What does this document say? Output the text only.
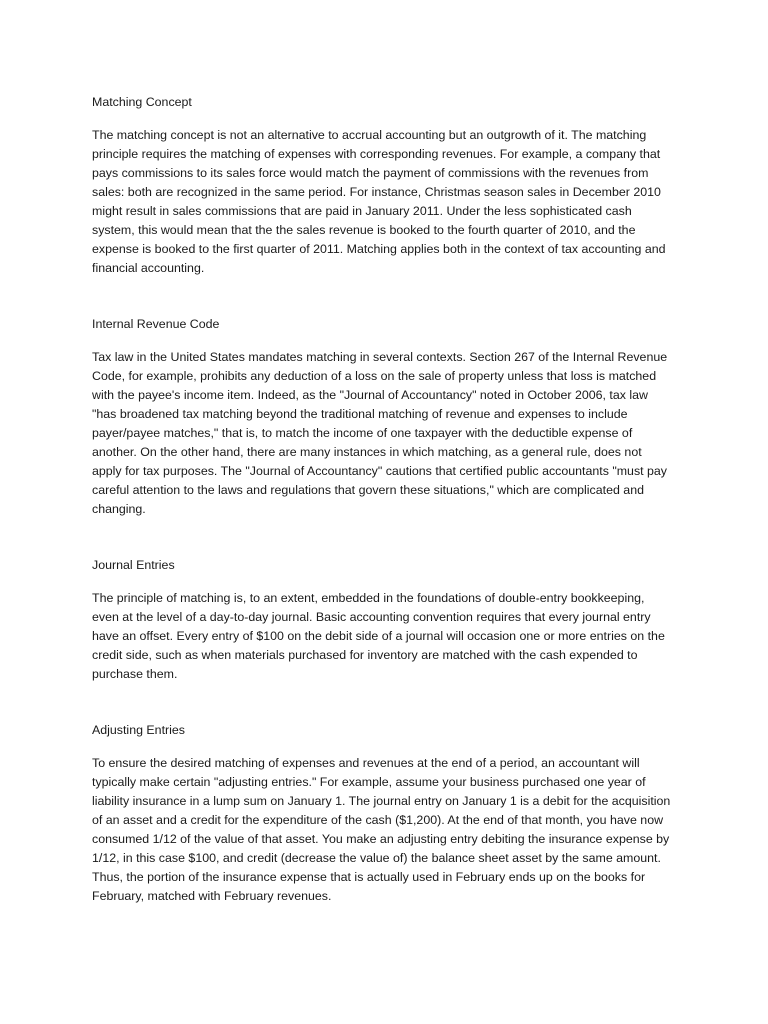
Matching Concept

The matching concept is not an alternative to accrual accounting but an outgrowth of it. The matching principle requires the matching of expenses with corresponding revenues. For example, a company that pays commissions to its sales force would match the payment of commissions with the revenues from sales: both are recognized in the same period. For instance, Christmas season sales in December 2010 might result in sales commissions that are paid in January 2011. Under the less sophisticated cash system, this would mean that the the sales revenue is booked to the fourth quarter of 2010, and the expense is booked to the first quarter of 2011. Matching applies both in the context of tax accounting and financial accounting.

Internal Revenue Code

Tax law in the United States mandates matching in several contexts. Section 267 of the Internal Revenue Code, for example, prohibits any deduction of a loss on the sale of property unless that loss is matched with the payee's income item. Indeed, as the "Journal of Accountancy" noted in October 2006, tax law "has broadened tax matching beyond the traditional matching of revenue and expenses to include payer/payee matches," that is, to match the income of one taxpayer with the deductible expense of another. On the other hand, there are many instances in which matching, as a general rule, does not apply for tax purposes. The "Journal of Accountancy" cautions that certified public accountants "must pay careful attention to the laws and regulations that govern these situations," which are complicated and changing.

Journal Entries

The principle of matching is, to an extent, embedded in the foundations of double-entry bookkeeping, even at the level of a day-to-day journal. Basic accounting convention requires that every journal entry have an offset. Every entry of $100 on the debit side of a journal will occasion one or more entries on the credit side, such as when materials purchased for inventory are matched with the cash expended to purchase them.

Adjusting Entries

To ensure the desired matching of expenses and revenues at the end of a period, an accountant will typically make certain "adjusting entries." For example, assume your business purchased one year of liability insurance in a lump sum on January 1. The journal entry on January 1 is a debit for the acquisition of an asset and a credit for the expenditure of the cash ($1,200). At the end of that month, you have now consumed 1/12 of the value of that asset. You make an adjusting entry debiting the insurance expense by 1/12, in this case $100, and credit (decrease the value of) the balance sheet asset by the same amount. Thus, the portion of the insurance expense that is actually used in February ends up on the books for February, matched with February revenues.
